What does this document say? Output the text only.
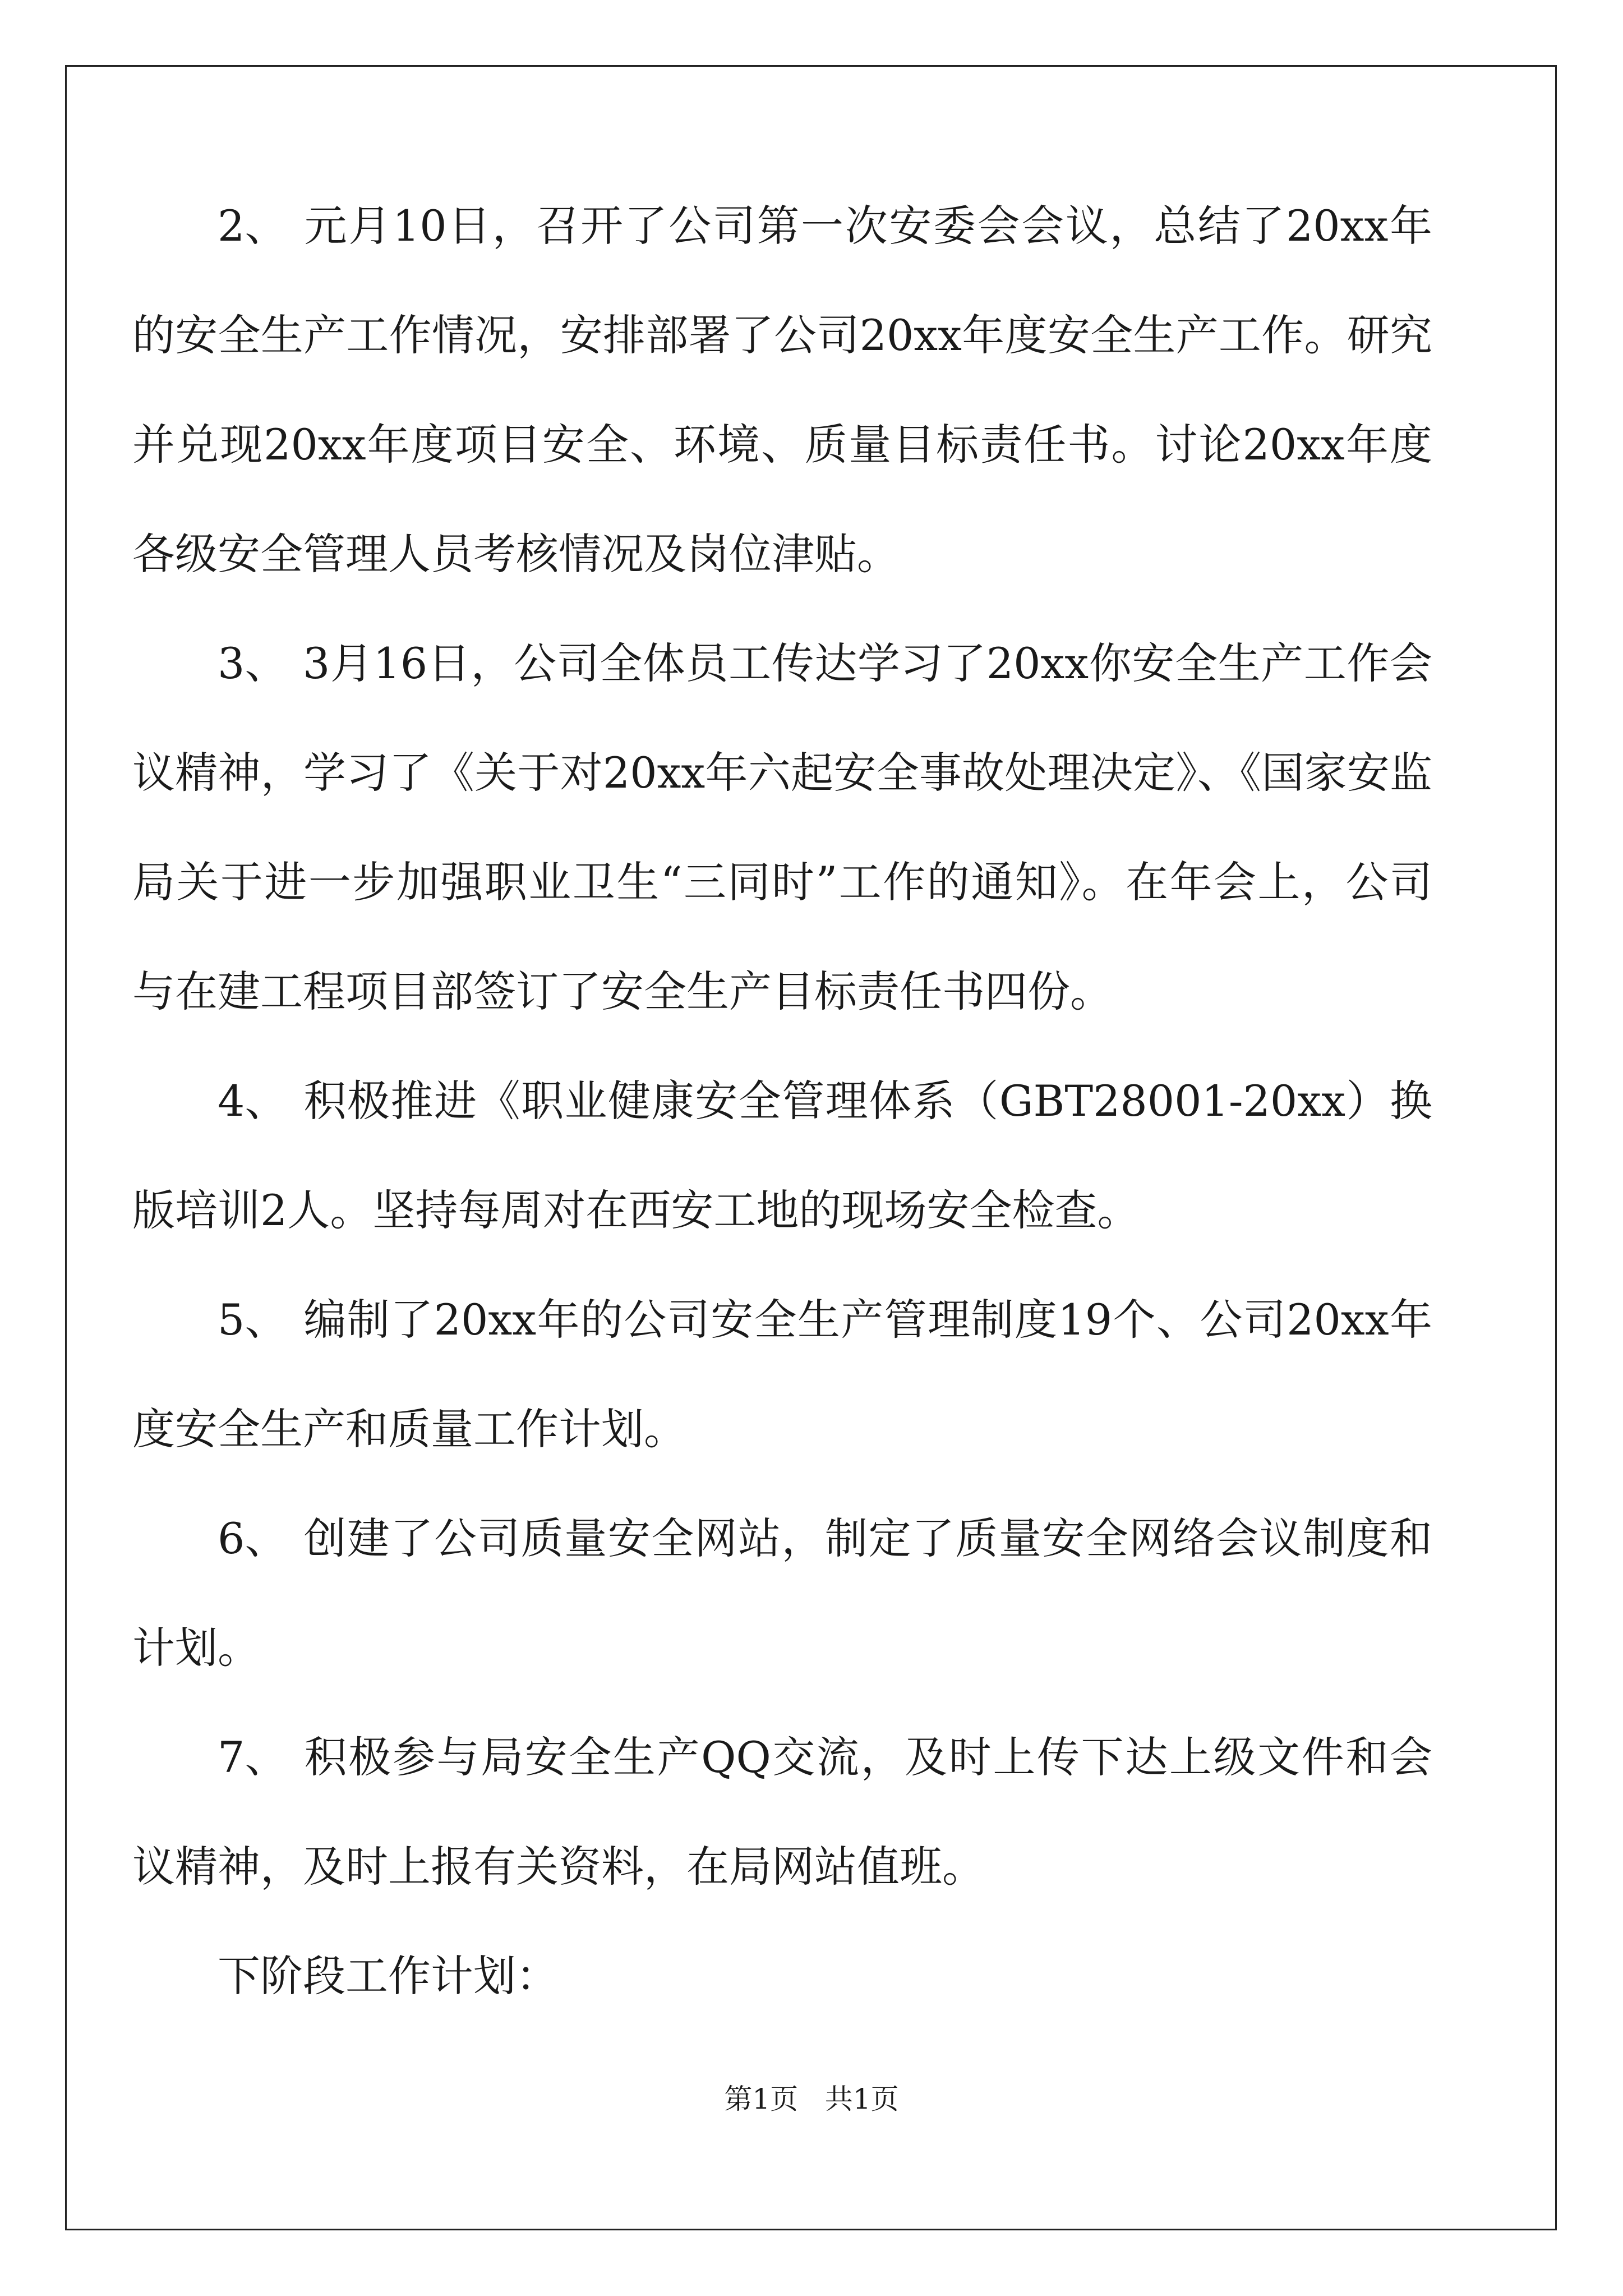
2、 元月10日，召开了公司第一次安委会会议，总结了20xx年的安全生产工作情况，安排部署了公司20xx年度安全生产工作。研究并兑现20xx年度项目安全、环境、质量目标责任书。讨论20xx年度各级安全管理人员考核情况及岗位津贴。

3、 3月16日，公司全体员工传达学习了20xx你安全生产工作会议精神，学习了《关于对20xx年六起安全事故处理决定》、《国家安监局关于进一步加强职业卫生“三同时”工作的通知》。在年会上，公司与在建工程项目部签订了安全生产目标责任书四份。

4、 积极推进《职业健康安全管理体系（GBT28001-20xx）换版培训2人。坚持每周对在西安工地的现场安全检查。

5、 编制了20xx年的公司安全生产管理制度19个、公司20xx年度安全生产和质量工作计划。

6、 创建了公司质量安全网站，制定了质量安全网络会议制度和计划。

7、 积极参与局安全生产QQ交流，及时上传下达上级文件和会议精神，及时上报有关资料，在局网站值班。

下阶段工作计划：

第1页 共1页
